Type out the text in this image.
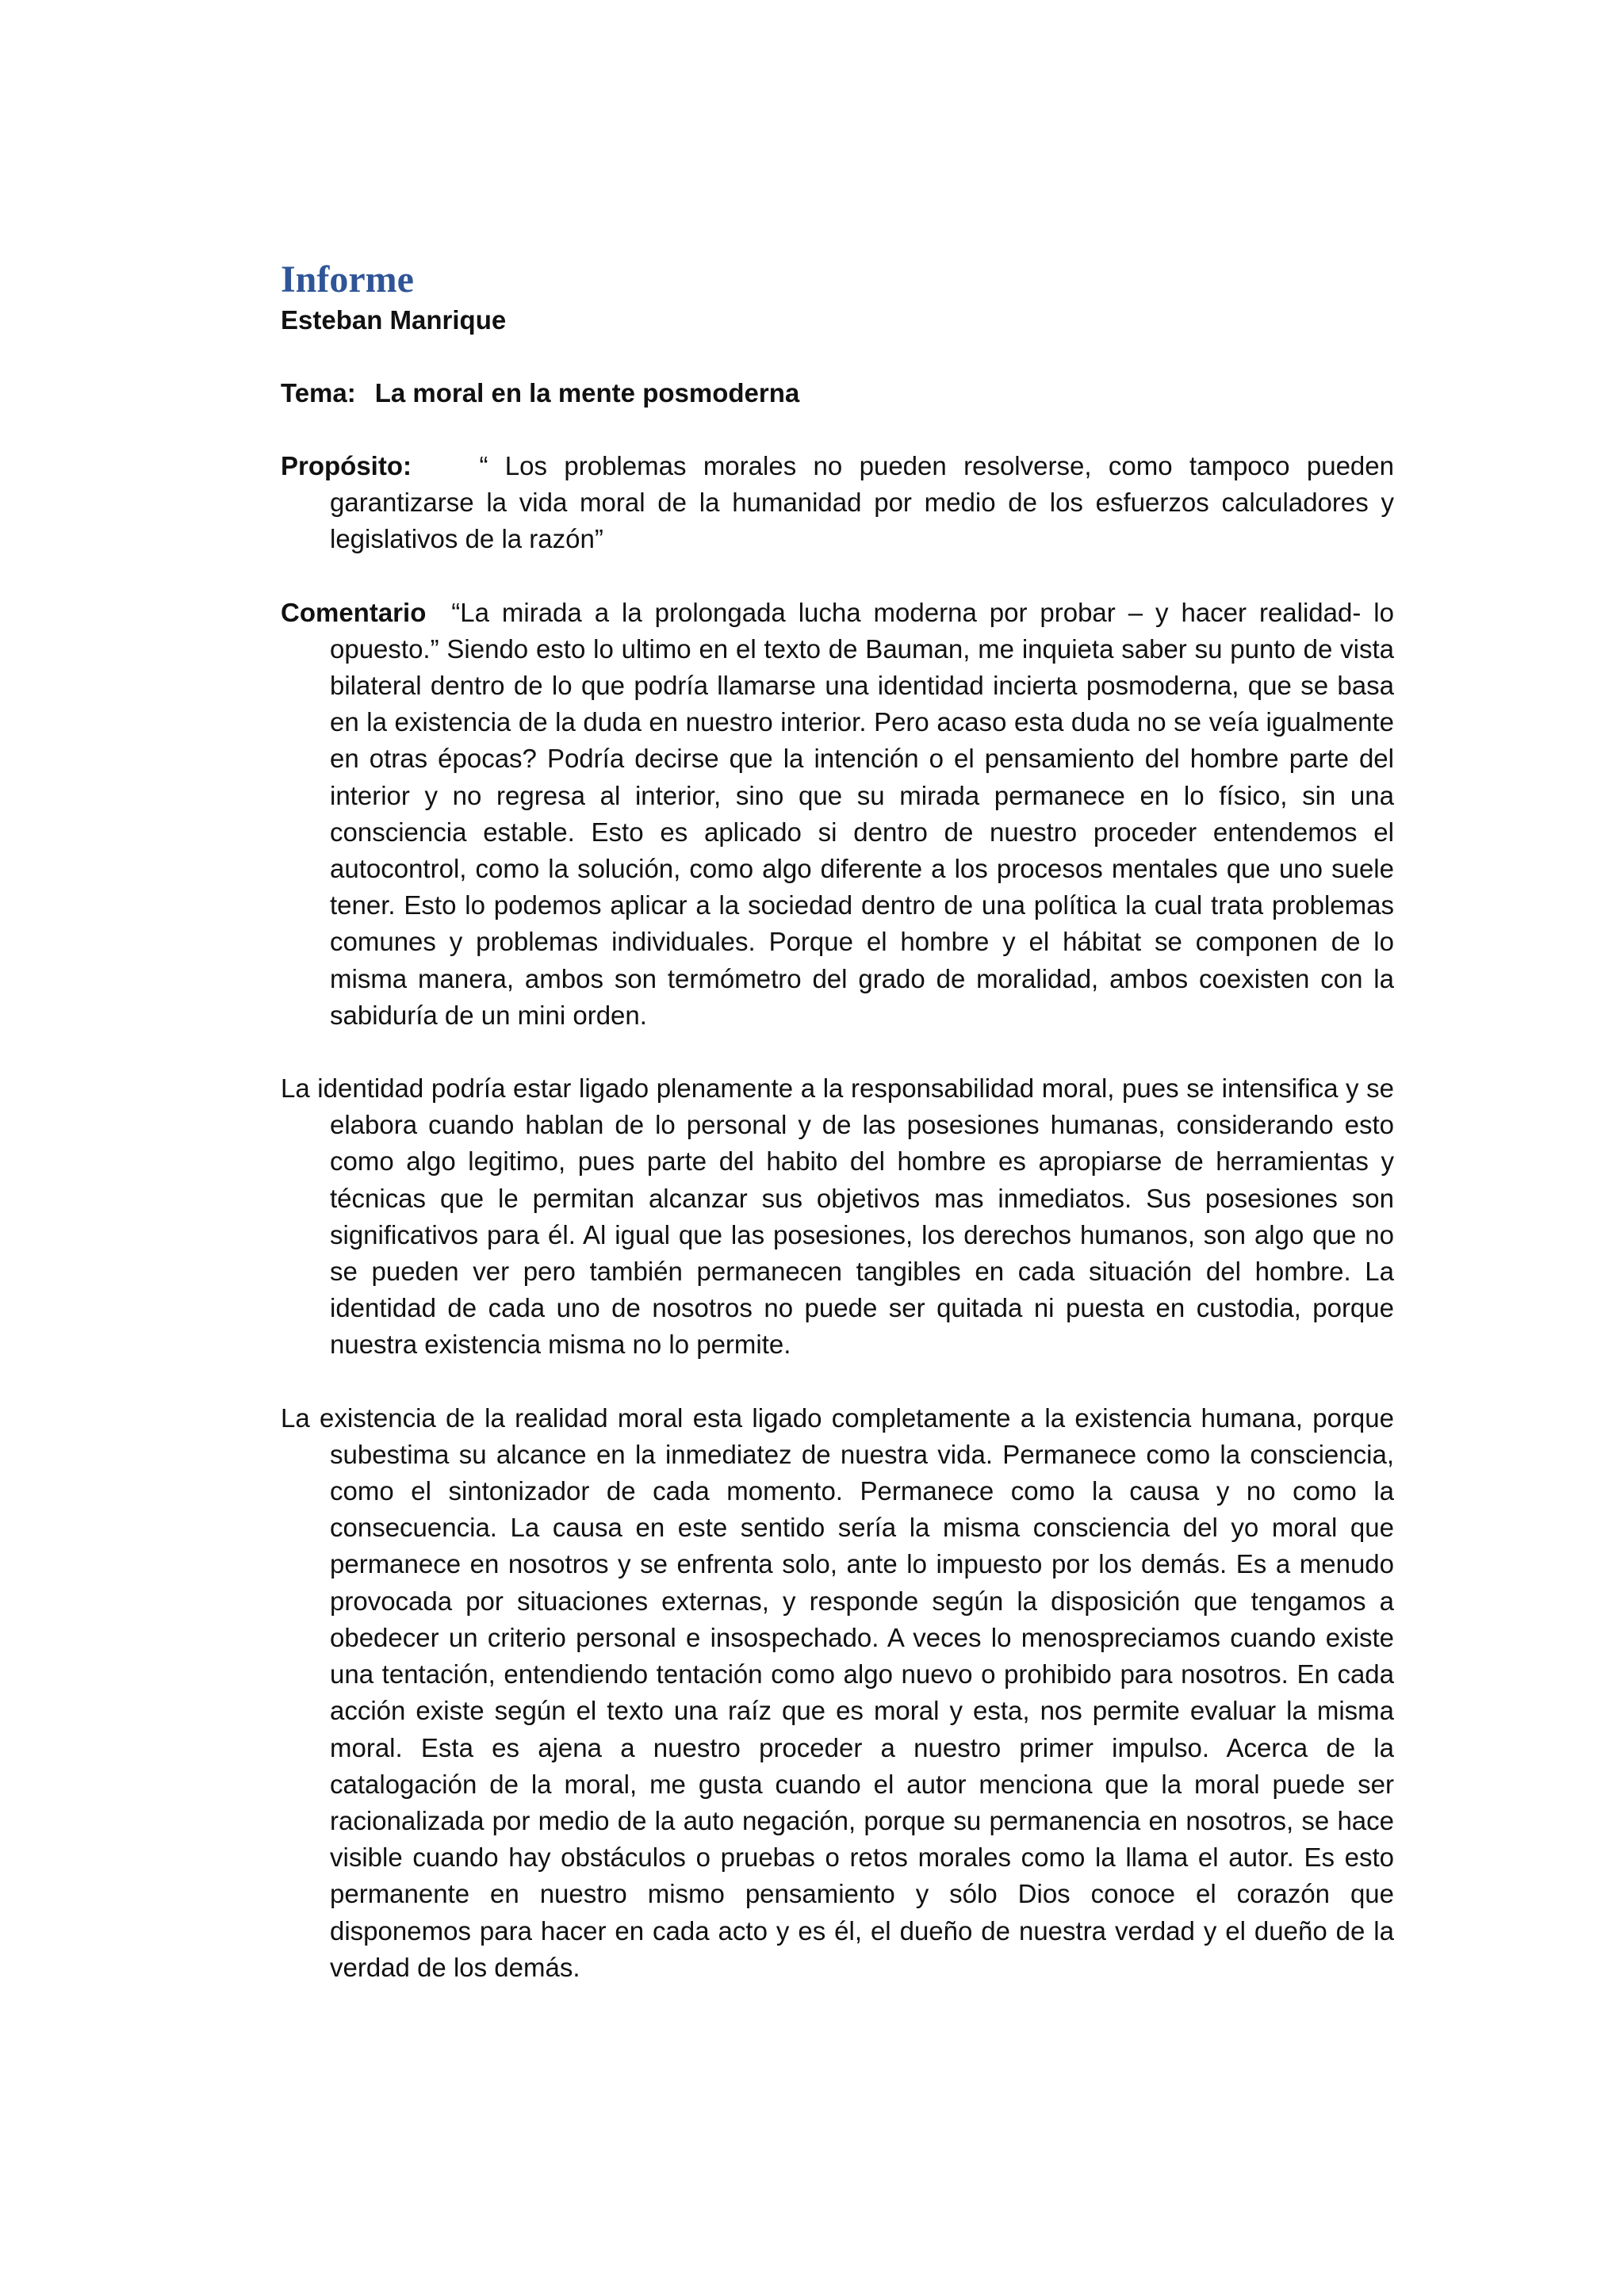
Informe

Esteban Manrique

Tema: La moral en la mente posmoderna

Propósito:	“ Los problemas morales no pueden resolverse, como tampoco pueden garantizarse la vida moral de la humanidad por medio de los esfuerzos calculadores y legislativos de la razón”

Comentario “La mirada a la prolongada lucha moderna por probar – y hacer realidad- lo opuesto.” Siendo esto lo ultimo en el texto de Bauman, me inquieta saber su punto de vista bilateral dentro de lo que podría llamarse una identidad incierta posmoderna, que se basa en la existencia de la duda en nuestro interior. Pero acaso esta duda no se veía igualmente en otras épocas? Podría decirse que la intención o el pensamiento del hombre parte del interior y no regresa al interior, sino que su mirada permanece en lo físico, sin una consciencia estable. Esto es aplicado si dentro de nuestro proceder entendemos el autocontrol, como la solución, como algo diferente a los procesos mentales que uno suele tener. Esto lo podemos aplicar a la sociedad dentro de una política la cual trata problemas comunes y problemas individuales. Porque el hombre y el hábitat se componen de lo misma manera, ambos son termómetro del grado de moralidad, ambos coexisten con la sabiduría de un mini orden.

La identidad podría estar ligado plenamente a la responsabilidad moral, pues se intensifica y se elabora cuando hablan de lo personal y de las posesiones humanas, considerando esto como algo legitimo, pues parte del habito del hombre es apropiarse de herramientas y técnicas que le permitan alcanzar sus objetivos mas inmediatos. Sus posesiones son significativos para él. Al igual que las posesiones, los derechos humanos, son algo que no se pueden ver pero también permanecen tangibles en cada situación del hombre. La identidad de cada uno de nosotros no puede ser quitada ni puesta en custodia, porque nuestra existencia misma no lo permite.

La existencia de la realidad moral esta ligado completamente a la existencia humana, porque subestima su alcance en la inmediatez de nuestra vida. Permanece como la consciencia, como el sintonizador de cada momento. Permanece como la causa y no como la consecuencia. La causa en este sentido sería la misma consciencia del yo moral que permanece en nosotros y se enfrenta solo, ante lo impuesto por los demás. Es a menudo provocada por situaciones externas, y responde según la disposición que tengamos a obedecer un criterio personal e insospechado. A veces lo menospreciamos cuando existe una tentación, entendiendo tentación como algo nuevo o prohibido para nosotros. En cada acción existe según el texto una raíz que es moral y esta, nos permite evaluar la misma moral. Esta es ajena a nuestro proceder a nuestro primer impulso. Acerca de la catalogación de la moral, me gusta cuando el autor menciona que la moral puede ser racionalizada por medio de la auto negación, porque su permanencia en nosotros, se hace visible cuando hay obstáculos o pruebas o retos morales como la llama el autor. Es esto permanente en nuestro mismo pensamiento y sólo Dios conoce el corazón que disponemos para hacer en cada acto y es él, el dueño de nuestra verdad y el dueño de la verdad de los demás.
